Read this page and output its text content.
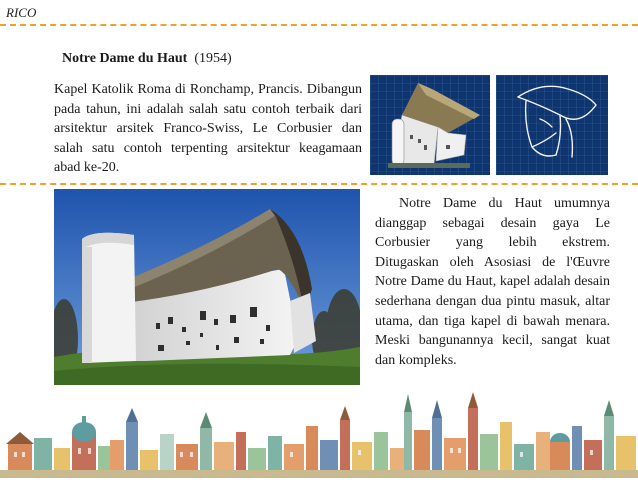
RICO
Notre Dame du Haut (1954)
Kapel Katolik Roma di Ronchamp, Prancis. Dibangun pada tahun, ini adalah salah satu contoh terbaik dari arsitektur arsitek Franco-Swiss, Le Corbusier dan salah satu contoh terpenting arsitektur keagamaan abad ke-20.
Notre Dame du Haut umumnya dianggap sebagai desain gaya Le Corbusier yang lebih ekstrem. Ditugaskan oleh Asosiasi de l'Œuvre Notre Dame du Haut, kapel adalah desain sederhana dengan dua pintu masuk, altar utama, dan tiga kapel di bawah menara. Meski bangunannya kecil, sangat kuat dan kompleks.
